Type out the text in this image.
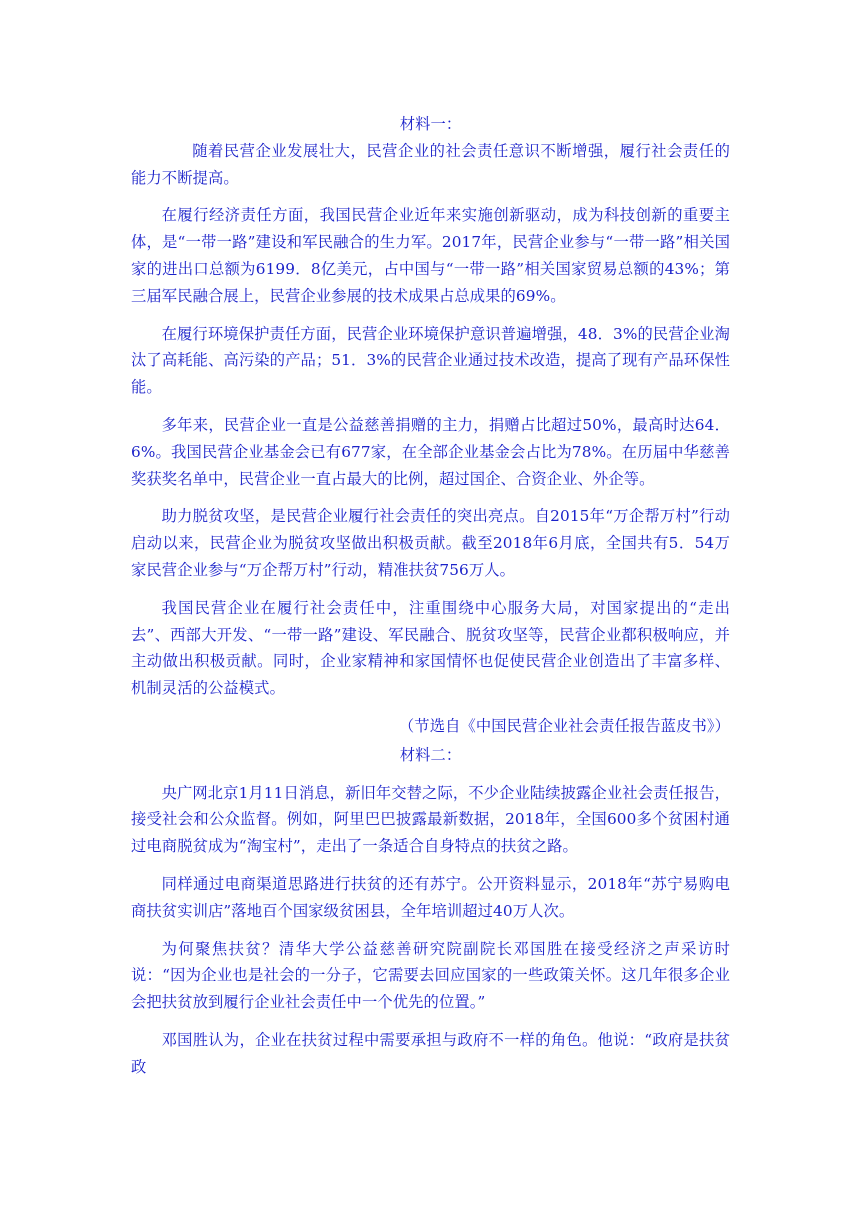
材料一：

随着民营企业发展壮大，民营企业的社会责任意识不断增强，履行社会责任的能力不断提高。

在履行经济责任方面，我国民营企业近年来实施创新驱动，成为科技创新的重要主体，是“一带一路”建设和军民融合的生力军。2017年，民营企业参与“一带一路”相关国家的进出口总额为6199．8亿美元，占中国与“一带一路”相关国家贸易总额的43%；第三届军民融合展上，民营企业参展的技术成果占总成果的69%。

在履行环境保护责任方面，民营企业环境保护意识普遍增强，48．3%的民营企业淘汰了高耗能、高污染的产品；51．3%的民营企业通过技术改造，提高了现有产品环保性能。

多年来，民营企业一直是公益慈善捐赠的主力，捐赠占比超过50%，最高时达64．6%。我国民营企业基金会已有677家，在全部企业基金会占比为78%。在历届中华慈善奖获奖名单中，民营企业一直占最大的比例，超过国企、合资企业、外企等。

助力脱贫攻坚，是民营企业履行社会责任的突出亮点。自2015年“万企帮万村”行动启动以来，民营企业为脱贫攻坚做出积极贡献。截至2018年6月底，全国共有5．54万家民营企业参与“万企帮万村”行动，精准扶贫756万人。

我国民营企业在履行社会责任中，注重围绕中心服务大局，对国家提出的“走出去”、西部大开发、“一带一路”建设、军民融合、脱贫攻坚等，民营企业都积极响应，并主动做出积极贡献。同时，企业家精神和家国情怀也促使民营企业创造出了丰富多样、机制灵活的公益模式。

（节选自《中国民营企业社会责任报告蓝皮书》）

材料二：

央广网北京1月11日消息，新旧年交替之际，不少企业陆续披露企业社会责任报告，接受社会和公众监督。例如，阿里巴巴披露最新数据，2018年，全国600多个贫困村通过电商脱贫成为“淘宝村”，走出了一条适合自身特点的扶贫之路。

同样通过电商渠道思路进行扶贫的还有苏宁。公开资料显示，2018年“苏宁易购电商扶贫实训店”落地百个国家级贫困县，全年培训超过40万人次。

为何聚焦扶贫？清华大学公益慈善研究院副院长邓国胜在接受经济之声采访时说：“因为企业也是社会的一分子，它需要去回应国家的一些政策关怀。这几年很多企业会把扶贫放到履行企业社会责任中一个优先的位置。”

邓国胜认为，企业在扶贫过程中需要承担与政府不一样的角色。他说：“政府是扶贫政
